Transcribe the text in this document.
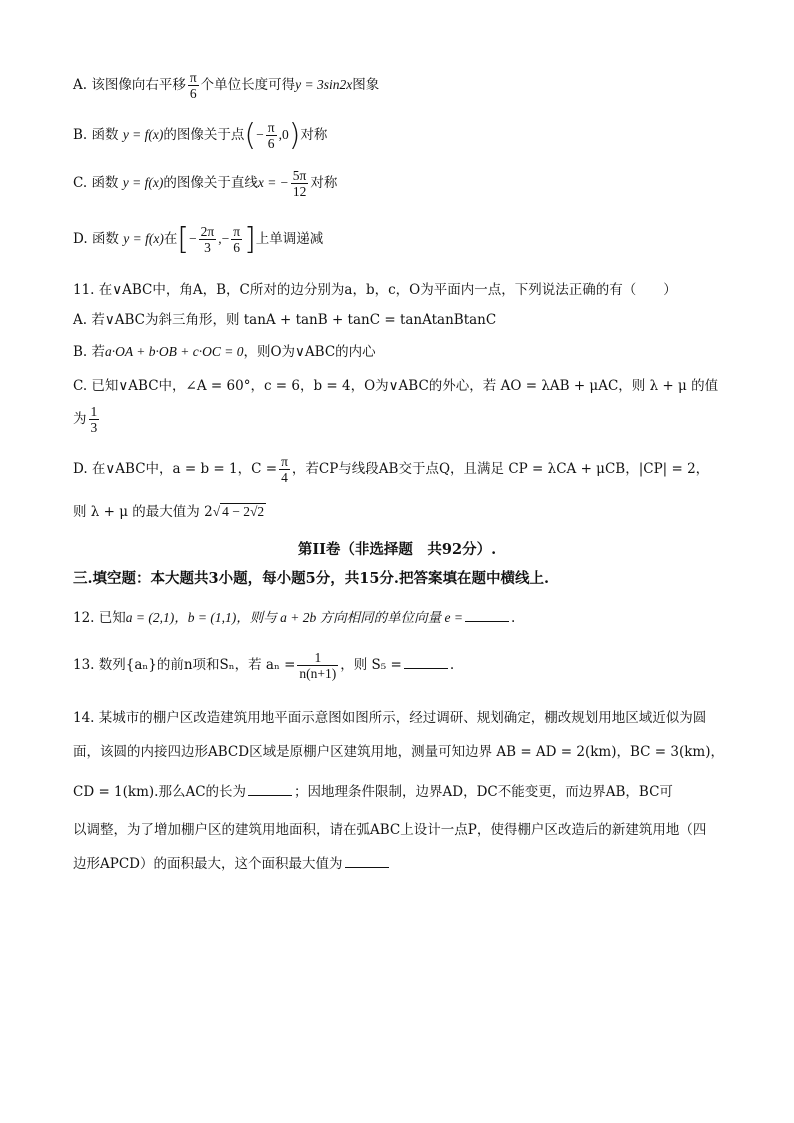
A. 该图像向右平移 $\frac{\pi}{6}$ 个单位长度可得y = 3sin2x图象
B. 函数 y = f(x)的图像关于点(− $\frac{\pi}{6} ,0$)对称
C. 函数 y = f(x)的图像关于直线x = − $\frac{5\pi}{12}$ 对称
D. 函数 y = f(x)在[− $\frac{2\pi}{3}$ ,− $\frac{\pi}{6}$ ]上单调递减
11. 在∨ABC中，角A，B，C所对的边分别为a，b，c，O为平面内一点，下列说法正确的有（　　）
A. 若∨ABC为斜三角形，则 tanA + tanB + tanC = tanAtanBtanC
B. 若a·OA + b·OB + c·OC = 0，则O为∨ABC的内心
C. 已知∨ABC中，∠A = 60°，c = 6，b = 4，O为∨ABC的外心，若 AO = λAB + μAC，则 λ + μ 的值
为 $\frac{1}{3}$
D. 在∨ABC中，a = b = 1，$C = \frac{\pi}{4}$ ，若CP与线段AB交于点Q，且满足 CP = λCA + μCB，|CP| = 2，
则 λ + μ 的最大值为 2√ 4 − 2√2
第II卷（非选择题　共92分）.
三.填空题：本大题共3小题，每小题5分，共15分.把答案填在题中横线上.
12. 已知a = (2,1)，b = (1,1)，则与 a + 2b 方向相同的单位向量 e =	.
13. 数列{aₙ}的前n项和Sₙ，若 $a_n = \frac{1}{n(n+1)}$ ，则 S₅ =	.
14. 某城市的棚户区改造建筑用地平面示意图如图所示，经过调研、规划确定，棚改规划用地区域近似为圆
面，该圆的内接四边形ABCD区域是原棚户区建筑用地，测量可知边界 AB = AD = 2(km)，BC = 3(km)，
CD = 1(km).那么AC的长为	；因地理条件限制，边界AD，DC不能变更，而边界AB，BC可
以调整，为了增加棚户区的建筑用地面积，请在弧ABC上设计一点P，使得棚户区改造后的新建筑用地（四
边形APCD）的面积最大，这个面积最大值为
